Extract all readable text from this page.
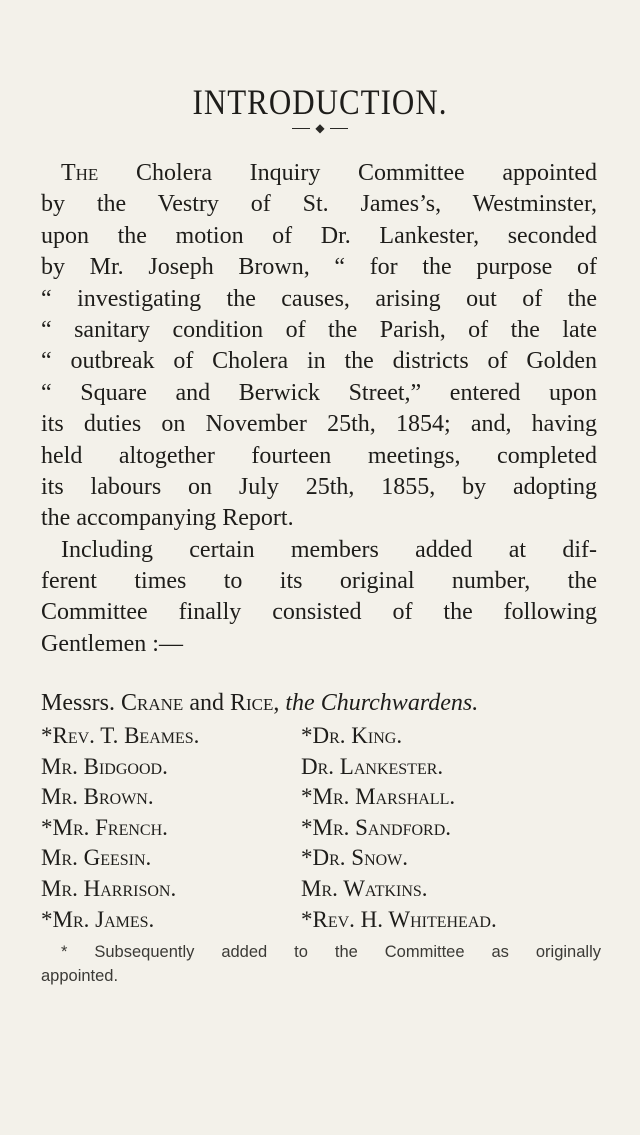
INTRODUCTION.
◆
The Cholera Inquiry Committee appointed
by the Vestry of St. James’s, Westminster,
upon the motion of Dr. Lankester, seconded
by Mr. Joseph Brown, “ for the purpose of
“ investigating the causes, arising out of the
“ sanitary condition of the Parish, of the late
“ outbreak of Cholera in the districts of Golden
“ Square and Berwick Street,” entered upon
its duties on November 25th, 1854; and, having
held altogether fourteen meetings, completed
its labours on July 25th, 1855, by adopting
the accompanying Report.
Including certain members added at dif-
ferent times to its original number, the
Committee finally consisted of the following
Gentlemen :—
Messrs. Crane and Rice, the Churchwardens.
*Rev. T. Beames.	*Dr. King.
Mr. Bidgood.	Dr. Lankester.
Mr. Brown.	*Mr. Marshall.
*Mr. French.	*Mr. Sandford.
Mr. Geesin.	*Dr. Snow.
Mr. Harrison.	Mr. Watkins.
*Mr. James.	*Rev. H. Whitehead.
* Subsequently added to the Committee as originally
appointed.
